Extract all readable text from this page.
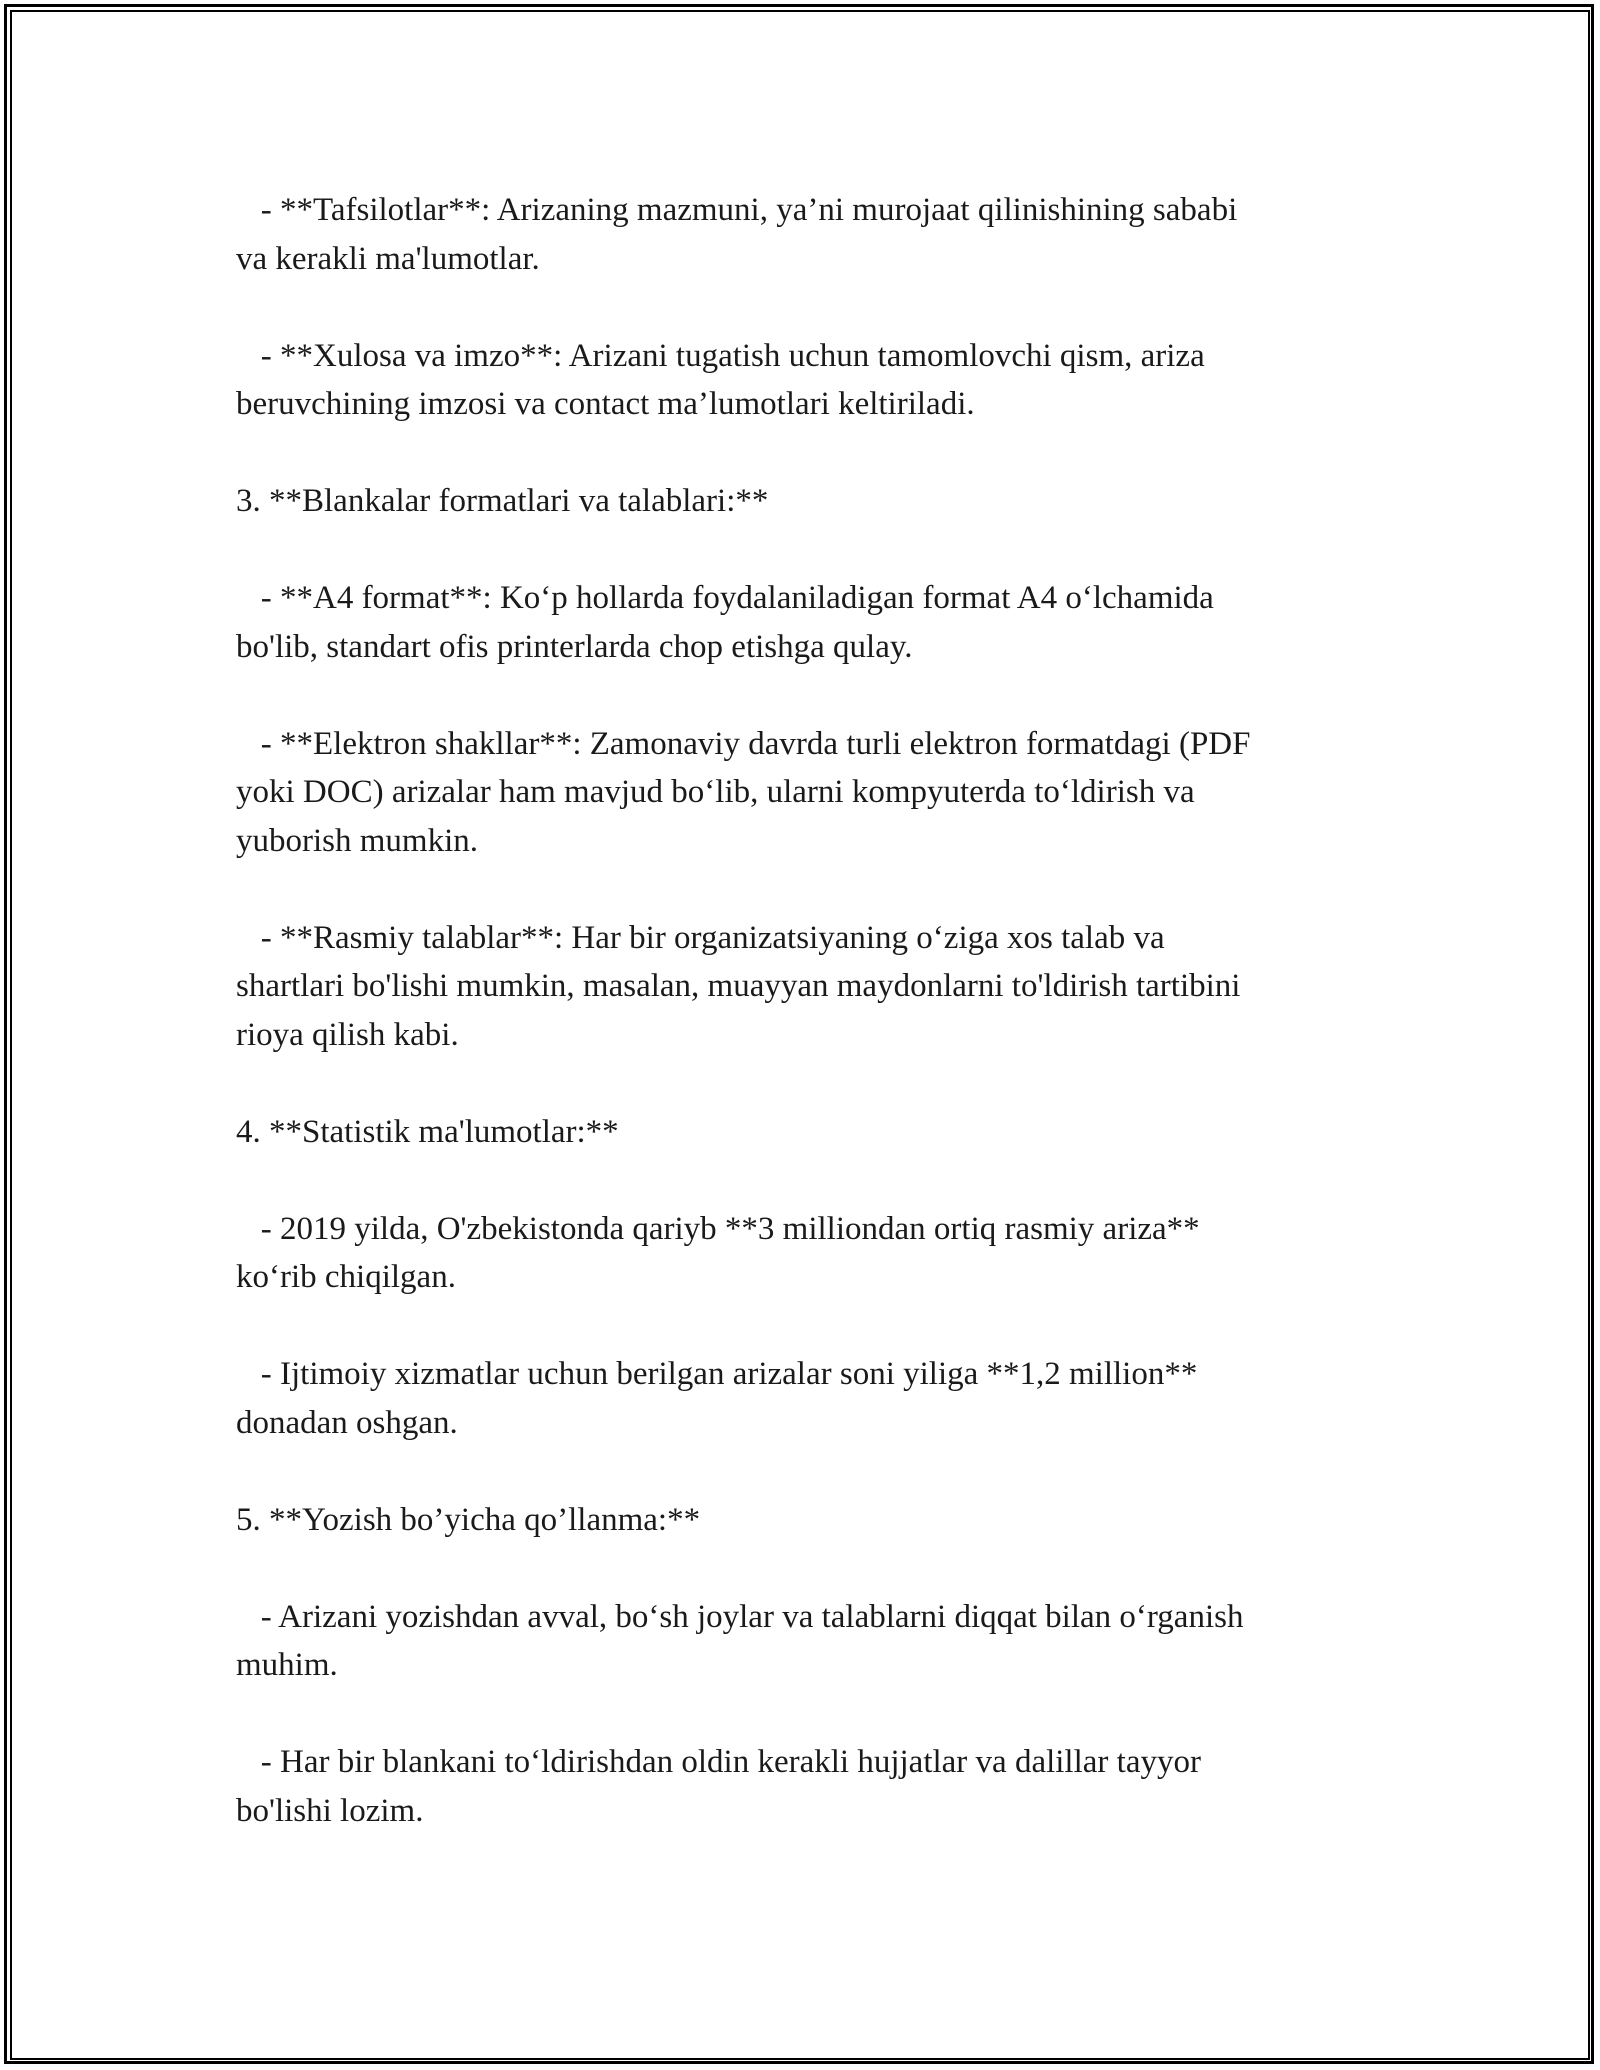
- **Tafsilotlar**: Arizaning mazmuni, ya’ni murojaat qilinishining sababi
va kerakli ma'lumotlar.

- **Xulosa va imzo**: Arizani tugatish uchun tamomlovchi qism, ariza
beruvchining imzosi va contact ma’lumotlari keltiriladi.

3. **Blankalar formatlari va talablari:**

- **A4 format**: Ko‘p hollarda foydalaniladigan format A4 o‘lchamida
bo'lib, standart ofis printerlarda chop etishga qulay.

- **Elektron shakllar**: Zamonaviy davrda turli elektron formatdagi (PDF
yoki DOC) arizalar ham mavjud bo‘lib, ularni kompyuterda to‘ldirish va
yuborish mumkin.

- **Rasmiy talablar**: Har bir organizatsiyaning o‘ziga xos talab va
shartlari bo'lishi mumkin, masalan, muayyan maydonlarni to'ldirish tartibini
rioya qilish kabi.

4. **Statistik ma'lumotlar:**

- 2019 yilda, O'zbekistonda qariyb **3 milliondan ortiq rasmiy ariza**
ko‘rib chiqilgan.

- Ijtimoiy xizmatlar uchun berilgan arizalar soni yiliga **1,2 million**
donadan oshgan.

5. **Yozish bo’yicha qo’llanma:**

- Arizani yozishdan avval, bo‘sh joylar va talablarni diqqat bilan o‘rganish
muhim.

- Har bir blankani to‘ldirishdan oldin kerakli hujjatlar va dalillar tayyor
bo'lishi lozim.
